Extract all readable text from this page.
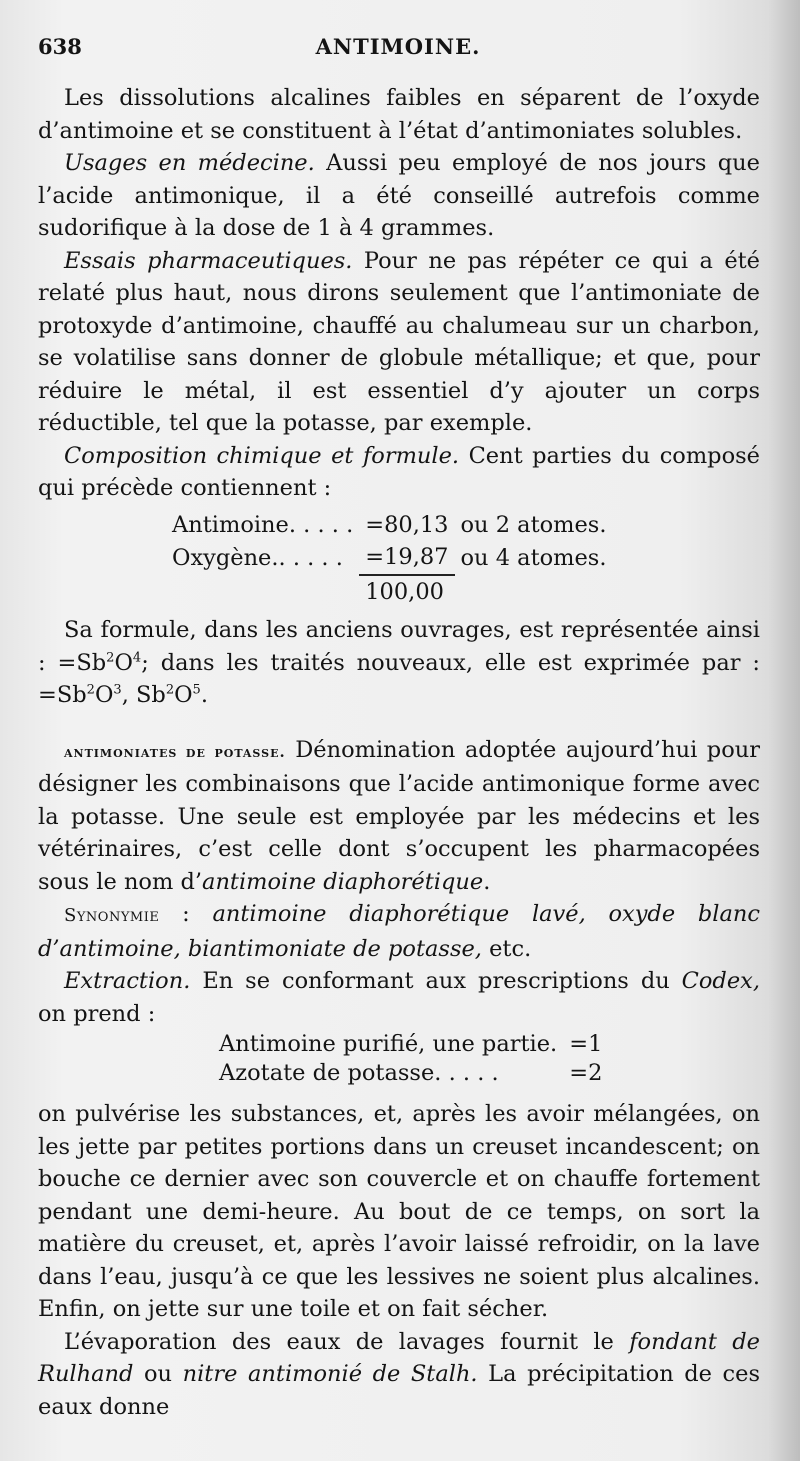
638	ANTIMOINE.

Les dissolutions alcalines faibles en séparent de l’oxyde d’antimoine et se constituent à l’état d’antimoniates solubles.

Usages en médecine. Aussi peu employé de nos jours que l’acide antimonique, il a été conseillé autrefois comme sudorifique à la dose de 1 à 4 grammes.

Essais pharmaceutiques. Pour ne pas répéter ce qui a été relaté plus haut, nous dirons seulement que l’antimoniate de protoxyde d’antimoine, chauffé au chalumeau sur un charbon, se volatilise sans donner de globule métallique; et que, pour réduire le métal, il est essentiel d’y ajouter un corps réductible, tel que la potasse, par exemple.

Composition chimique et formule. Cent parties du composé qui précède contiennent :

Antimoine. . . . .	=80,13	ou 2 atomes.
Oxygène.. . . . .	=19,87	ou 4 atomes.
	100,00	

Sa formule, dans les anciens ouvrages, est représentée ainsi : $=Sb^2O^4$; dans les traités nouveaux, elle est exprimée par : $=Sb^2O^3$, $Sb^2O^5$.

antimoniates de potasse. Dénomination adoptée aujourd’hui pour désigner les combinaisons que l’acide antimonique forme avec la potasse. Une seule est employée par les médecins et les vétérinaires, c’est celle dont s’occupent les pharmacopées sous le nom d’antimoine diaphorétique.

Synonymie : antimoine diaphorétique lavé, oxyde blanc d’antimoine, biantimoniate de potasse, etc.

Extraction. En se conformant aux prescriptions du Codex, on prend :

Antimoine purifié, une partie.	=1
Azotate de potasse. . . . .	=2

on pulvérise les substances, et, après les avoir mélangées, on les jette par petites portions dans un creuset incandescent; on bouche ce dernier avec son couvercle et on chauffe fortement pendant une demi-heure. Au bout de ce temps, on sort la matière du creuset, et, après l’avoir laissé refroidir, on la lave dans l’eau, jusqu’à ce que les lessives ne soient plus alcalines. Enfin, on jette sur une toile et on fait sécher.

L’évaporation des eaux de lavages fournit le fondant de Rulhand ou nitre antimonié de Stalh. La précipitation de ces eaux donne
